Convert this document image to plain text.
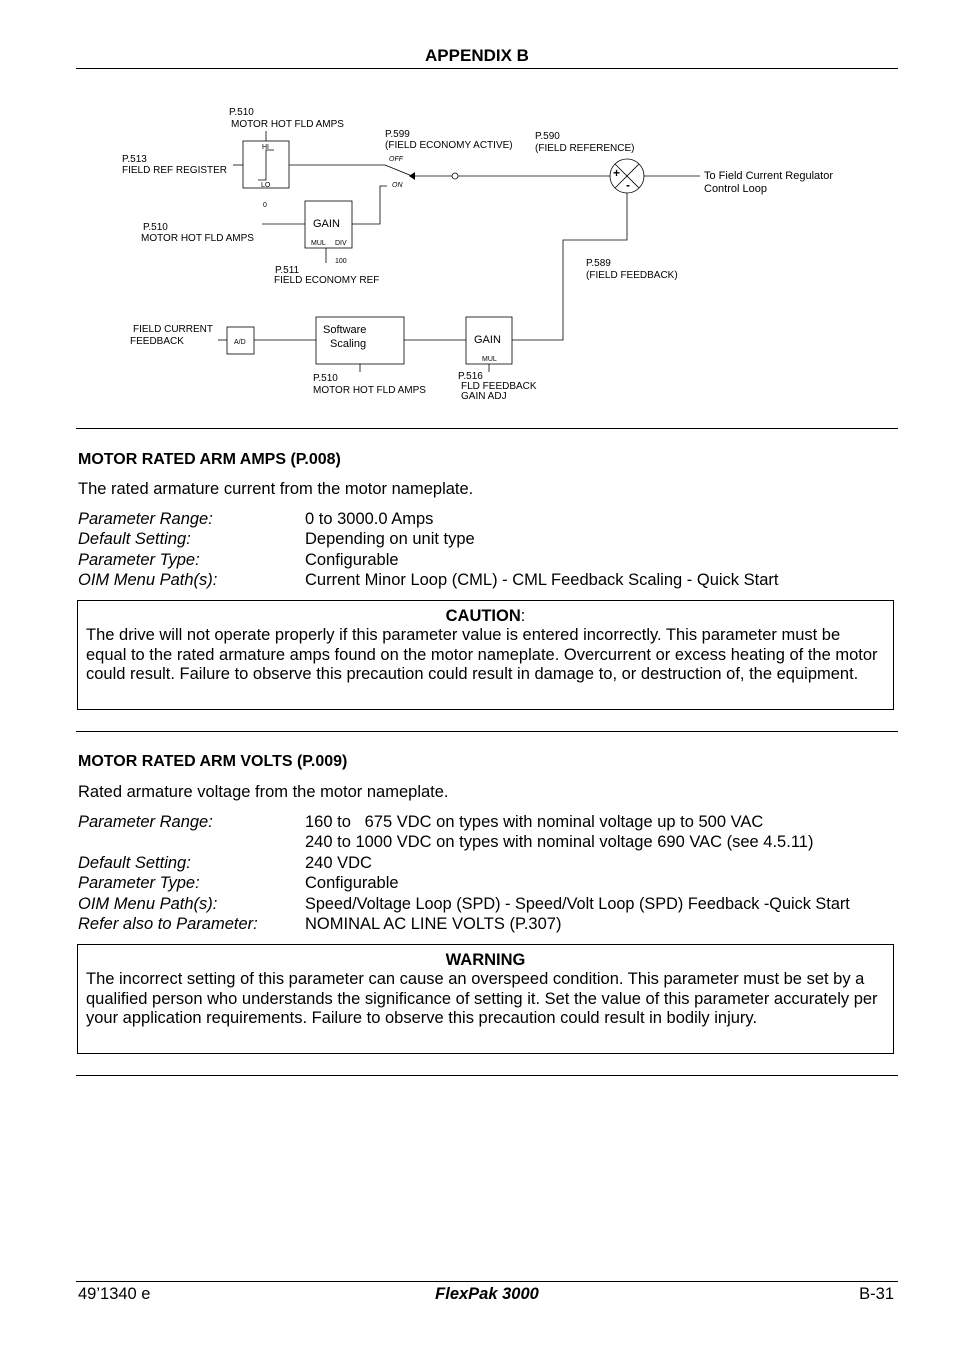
APPENDIX B
P.510
MOTOR HOT FLD AMPS
P.513
FIELD REF REGISTER
HI
LO
0
P.599
(FIELD ECONOMY ACTIVE)
OFF
ON
P.590
(FIELD REFERENCE)
+
-
To Field Current Regulator
Control Loop
P.510
MOTOR HOT FLD AMPS
GAIN
MUL DIV
100
P.511
FIELD ECONOMY REF
P.589
(FIELD FEEDBACK)
FIELD CURRENT
FEEDBACK	A/D
Software
Scaling	GAIN
MUL
P.510
MOTOR HOT FLD AMPS
P.516
FLD FEEDBACK
GAIN ADJ
MOTOR RATED ARM AMPS (P.008)
The rated armature current from the motor nameplate.
Parameter Range:	0 to 3000.0 Amps
Default Setting:	Depending on unit type
Parameter Type:	Configurable
OIM Menu Path(s):	Current Minor Loop (CML) - CML Feedback Scaling - Quick Start
CAUTION:
The drive will not operate properly if this parameter value is entered incorrectly. This parameter must be equal to the rated armature amps found on the motor nameplate. Overcurrent or excess heating of the motor could result. Failure to observe this precaution could result in damage to, or destruction of, the equipment.
MOTOR RATED ARM VOLTS (P.009)
Rated armature voltage from the motor nameplate.
Parameter Range:	160 to   675 VDC on types with nominal voltage up to 500 VAC
240 to 1000 VDC on types with nominal voltage 690 VAC (see 4.5.11)
Default Setting:	240 VDC
Parameter Type:	Configurable
OIM Menu Path(s):	Speed/Voltage Loop (SPD) - Speed/Volt Loop (SPD) Feedback -Quick Start
Refer also to Parameter:	NOMINAL AC LINE VOLTS (P.307)
WARNING
The incorrect setting of this parameter can cause an overspeed condition. This parameter must be set by a qualified person who understands the significance of setting it. Set the value of this parameter accurately per your application requirements. Failure to observe this precaution could result in bodily injury.
49’1340 e	FlexPak 3000	B-31
